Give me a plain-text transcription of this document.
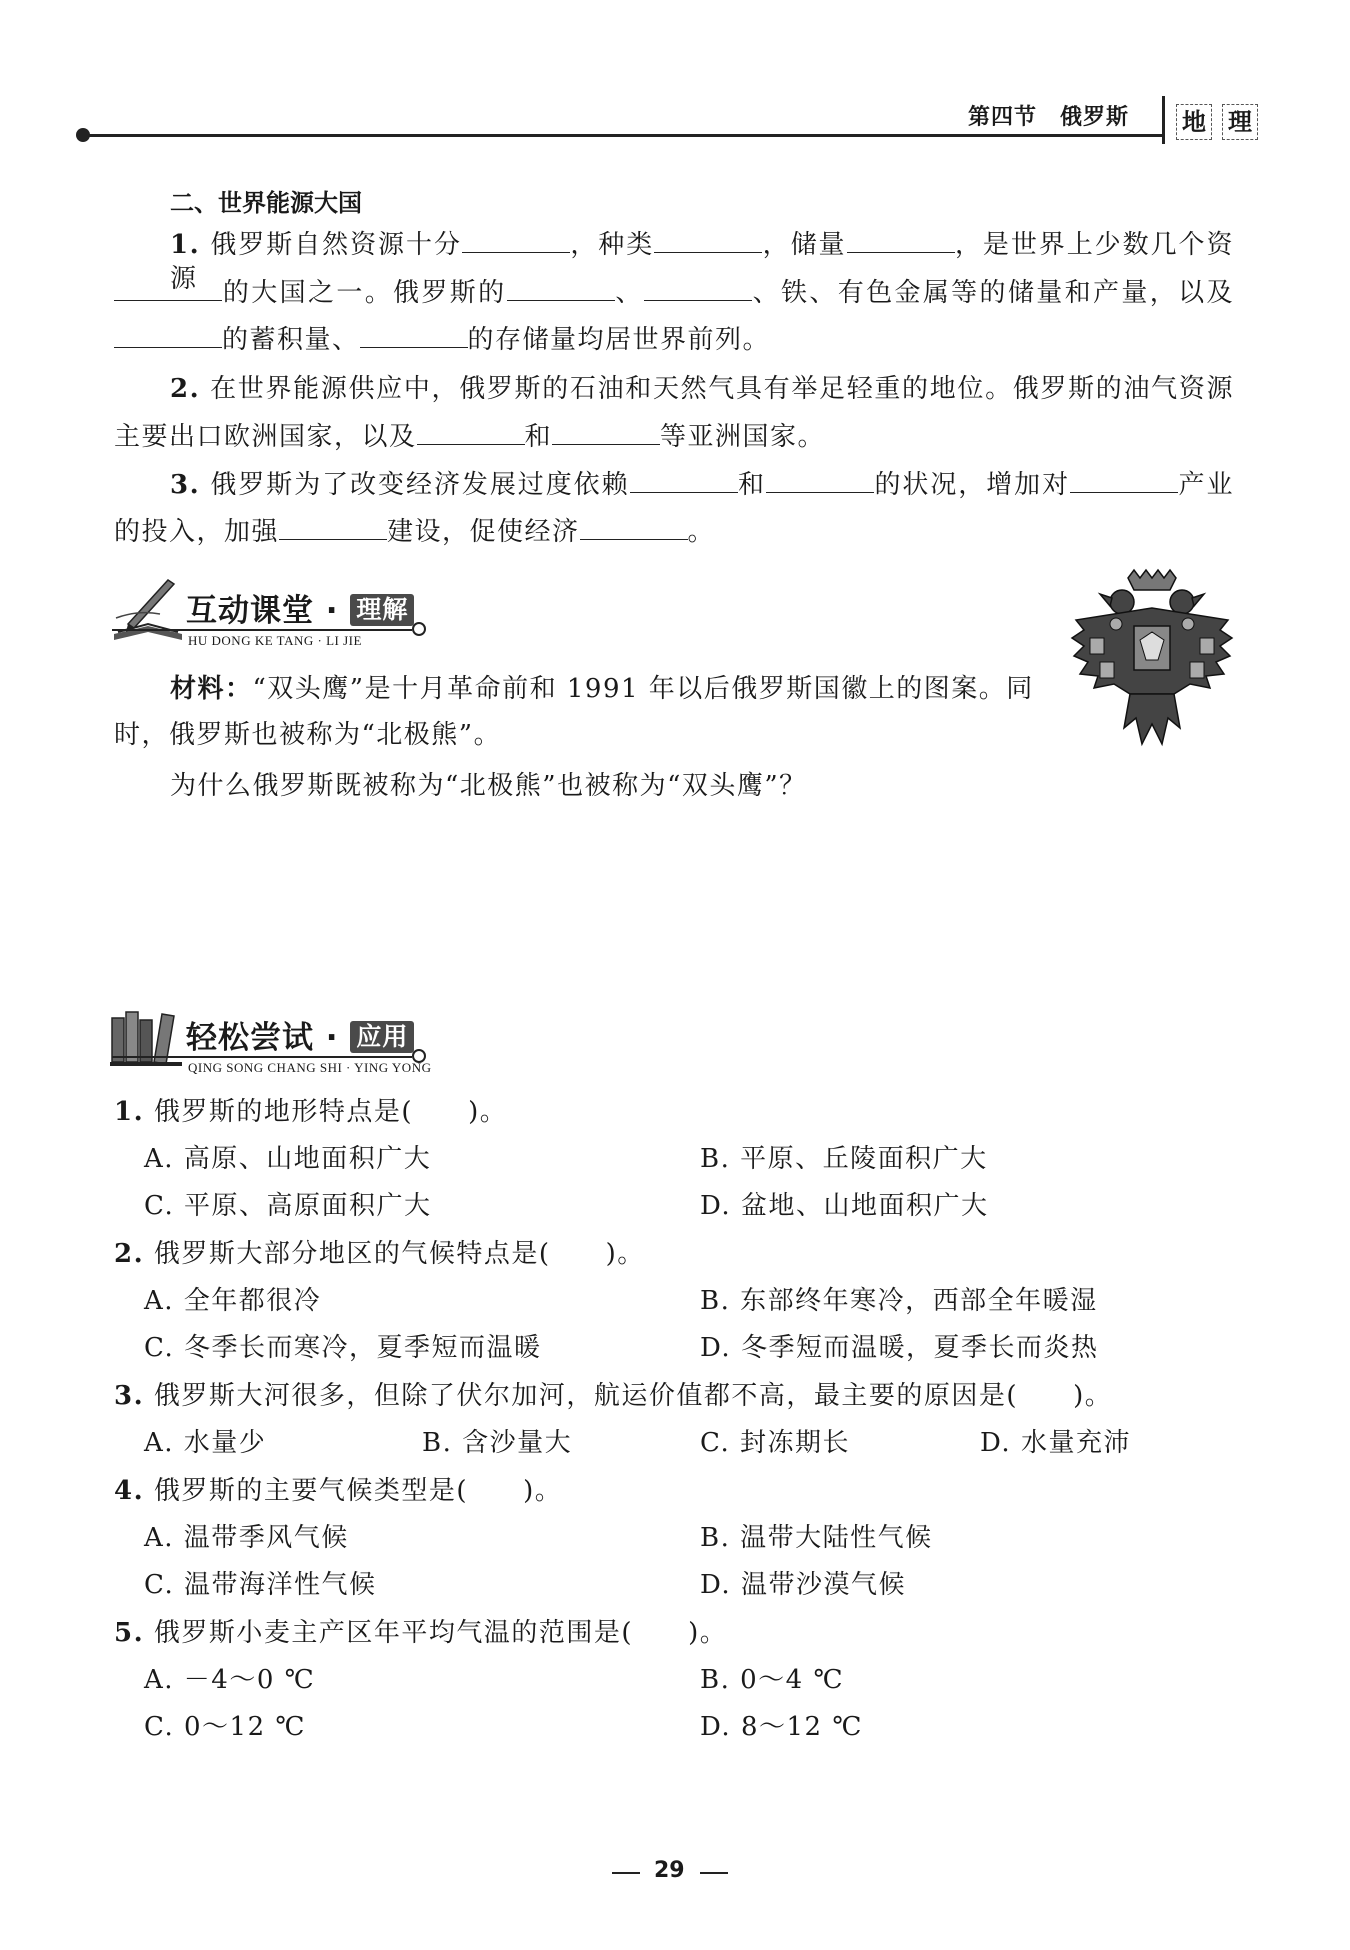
第四节　俄罗斯 地 理
二、世界能源大国
1. 俄罗斯自然资源十分	，种类	，储量	，是世界上少数几个资源 的大国之一。俄罗斯的	、	、铁、有色金属等的储量和产量，以及
的蓄积量、	的存储量均居世界前列。
2. 在世界能源供应中，俄罗斯的石油和天然气具有举足轻重的地位。俄罗斯的油气资源
主要出口欧洲国家，以及	和	等亚洲国家。
3. 俄罗斯为了改变经济发展过度依赖	和	的状况，增加对	产业
的投入，加强	建设，促使经济	。
互动课堂 · 理解
HU DONG KE TANG · LI JIE
材料：“双头鹰”是十月革命前和 1991 年以后俄罗斯国徽上的图案。同
时，俄罗斯也被称为“北极熊”。
为什么俄罗斯既被称为“北极熊”也被称为“双头鹰”？
轻松尝试 · 应用
QING SONG CHANG SHI · YING YONG
1. 俄罗斯的地形特点是(　　)。
A. 高原、山地面积广大	B. 平原、丘陵面积广大
C. 平原、高原面积广大	D. 盆地、山地面积广大
2. 俄罗斯大部分地区的气候特点是(　　)。
A. 全年都很冷	B. 东部终年寒冷，西部全年暖湿
C. 冬季长而寒冷，夏季短而温暖	D. 冬季短而温暖，夏季长而炎热
3. 俄罗斯大河很多，但除了伏尔加河，航运价值都不高，最主要的原因是(　　)。
A. 水量少	B. 含沙量大	C. 封冻期长	D. 水量充沛
4. 俄罗斯的主要气候类型是(　　)。
A. 温带季风气候	B. 温带大陆性气候
C. 温带海洋性气候	D. 温带沙漠气候
5. 俄罗斯小麦主产区年平均气温的范围是(　　)。
A. －4～0 ℃	B. 0～4 ℃
C. 0～12 ℃	D. 8～12 ℃
29
